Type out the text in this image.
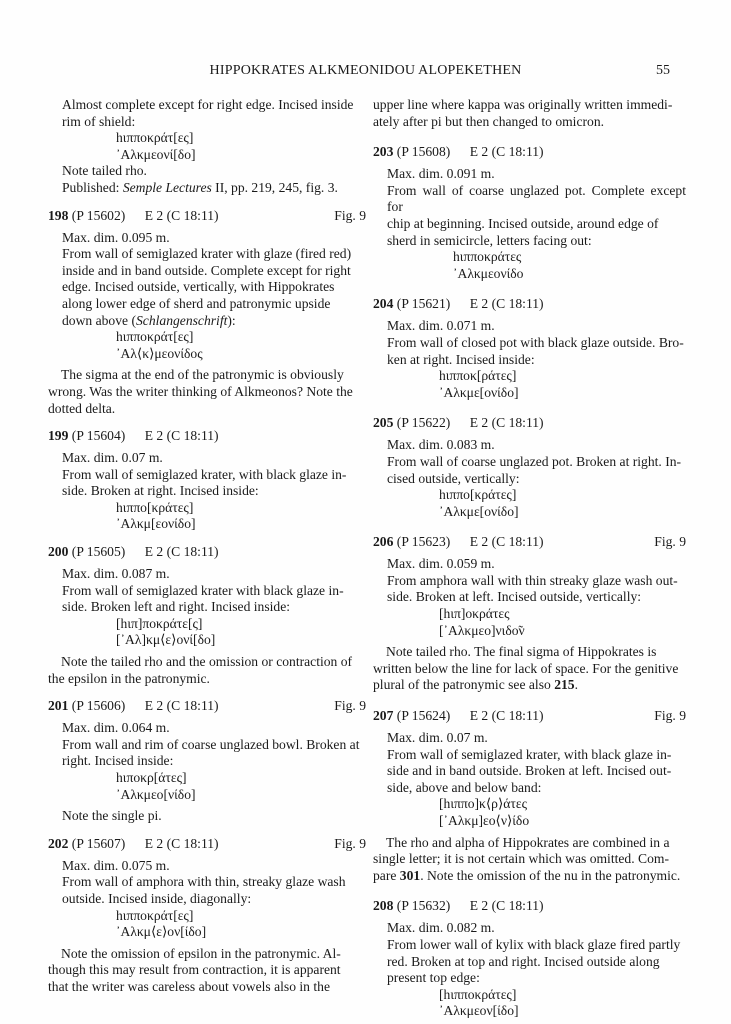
HIPPOKRATES ALKMEONIDOU ALOPEKETHEN	55

Almost complete except for right edge. Incised inside

rim of shield:

hιπποκράτ[ες]

᾿Αλκμεονί[δο]

Note tailed rho.

Published: Semple Lectures II, pp. 219, 245, fig. 3.

198 (P 15602) E 2 (C 18:11)	Fig. 9

Max. dim. 0.095 m.

From wall of semiglazed krater with glaze (fired red)

inside and in band outside. Complete except for right

edge. Incised outside, vertically, with Hippokrates

along lower edge of sherd and patronymic upside

down above (Schlangenschrift):

hιπποκράτ[ες]

᾿Αλ⟨κ⟩μεονίδος

The sigma at the end of the patronymic is obviously

wrong. Was the writer thinking of Alkmeonos? Note the

dotted delta.

199 (P 15604) E 2 (C 18:11)

Max. dim. 0.07 m.

From wall of semiglazed krater, with black glaze in-

side. Broken at right. Incised inside:

hιππο[κράτες]

᾿Αλκμ[εονίδο]

200 (P 15605) E 2 (C 18:11)

Max. dim. 0.087 m.

From wall of semiglazed krater with black glaze in-

side. Broken left and right. Incised inside:

[hιπ]ποκράτε[ς]

[᾿Αλ]κμ⟨ε⟩ονί[δο]

Note the tailed rho and the omission or contraction of

the epsilon in the patronymic.

201 (P 15606) E 2 (C 18:11)	Fig. 9

Max. dim. 0.064 m.

From wall and rim of coarse unglazed bowl. Broken at

right. Incised inside:

hιποκρ[άτες]

᾿Αλκμεο[νίδο]

Note the single pi.

202 (P 15607) E 2 (C 18:11)	Fig. 9

Max. dim. 0.075 m.

From wall of amphora with thin, streaky glaze wash

outside. Incised inside, diagonally:

hιπποκράτ[ες]

᾿Αλκμ⟨ε⟩ον[ίδο]

Note the omission of epsilon in the patronymic. Al-

though this may result from contraction, it is apparent

that the writer was careless about vowels also in the

upper line where kappa was originally written immedi-

ately after pi but then changed to omicron.

203 (P 15608) E 2 (C 18:11)

Max. dim. 0.091 m.

From wall of coarse unglazed pot. Complete except for

chip at beginning. Incised outside, around edge of

sherd in semicircle, letters facing out:

hιπποκράτες

᾿Αλκμεονίδο

204 (P 15621) E 2 (C 18:11)

Max. dim. 0.071 m.

From wall of closed pot with black glaze outside. Bro-

ken at right. Incised inside:

hιπποκ[ράτες]

᾿Αλκμε[ονίδο]

205 (P 15622) E 2 (C 18:11)

Max. dim. 0.083 m.

From wall of coarse unglazed pot. Broken at right. In-

cised outside, vertically:

hιππο[κράτες]

᾿Αλκμε[ονίδο]

206 (P 15623) E 2 (C 18:11)	Fig. 9

Max. dim. 0.059 m.

From amphora wall with thin streaky glaze wash out-

side. Broken at left. Incised outside, vertically:

[hιπ]οκράτες

[᾿Αλκμεο]νιδο̃ν

Note tailed rho. The final sigma of Hippokrates is

written below the line for lack of space. For the genitive

plural of the patronymic see also 215.

207 (P 15624) E 2 (C 18:11)	Fig. 9

Max. dim. 0.07 m.

From wall of semiglazed krater, with black glaze in-

side and in band outside. Broken at left. Incised out-

side, above and below band:

[hιππο]κ⟨ρ⟩άτες

[᾿Αλκμ]εο⟨ν⟩ίδο

The rho and alpha of Hippokrates are combined in a

single letter; it is not certain which was omitted. Com-

pare 301. Note the omission of the nu in the patronymic.

208 (P 15632) E 2 (C 18:11)

Max. dim. 0.082 m.

From lower wall of kylix with black glaze fired partly

red. Broken at top and right. Incised outside along

present top edge:

[hιπποκράτες]

᾿Αλκμεον[ίδο]
